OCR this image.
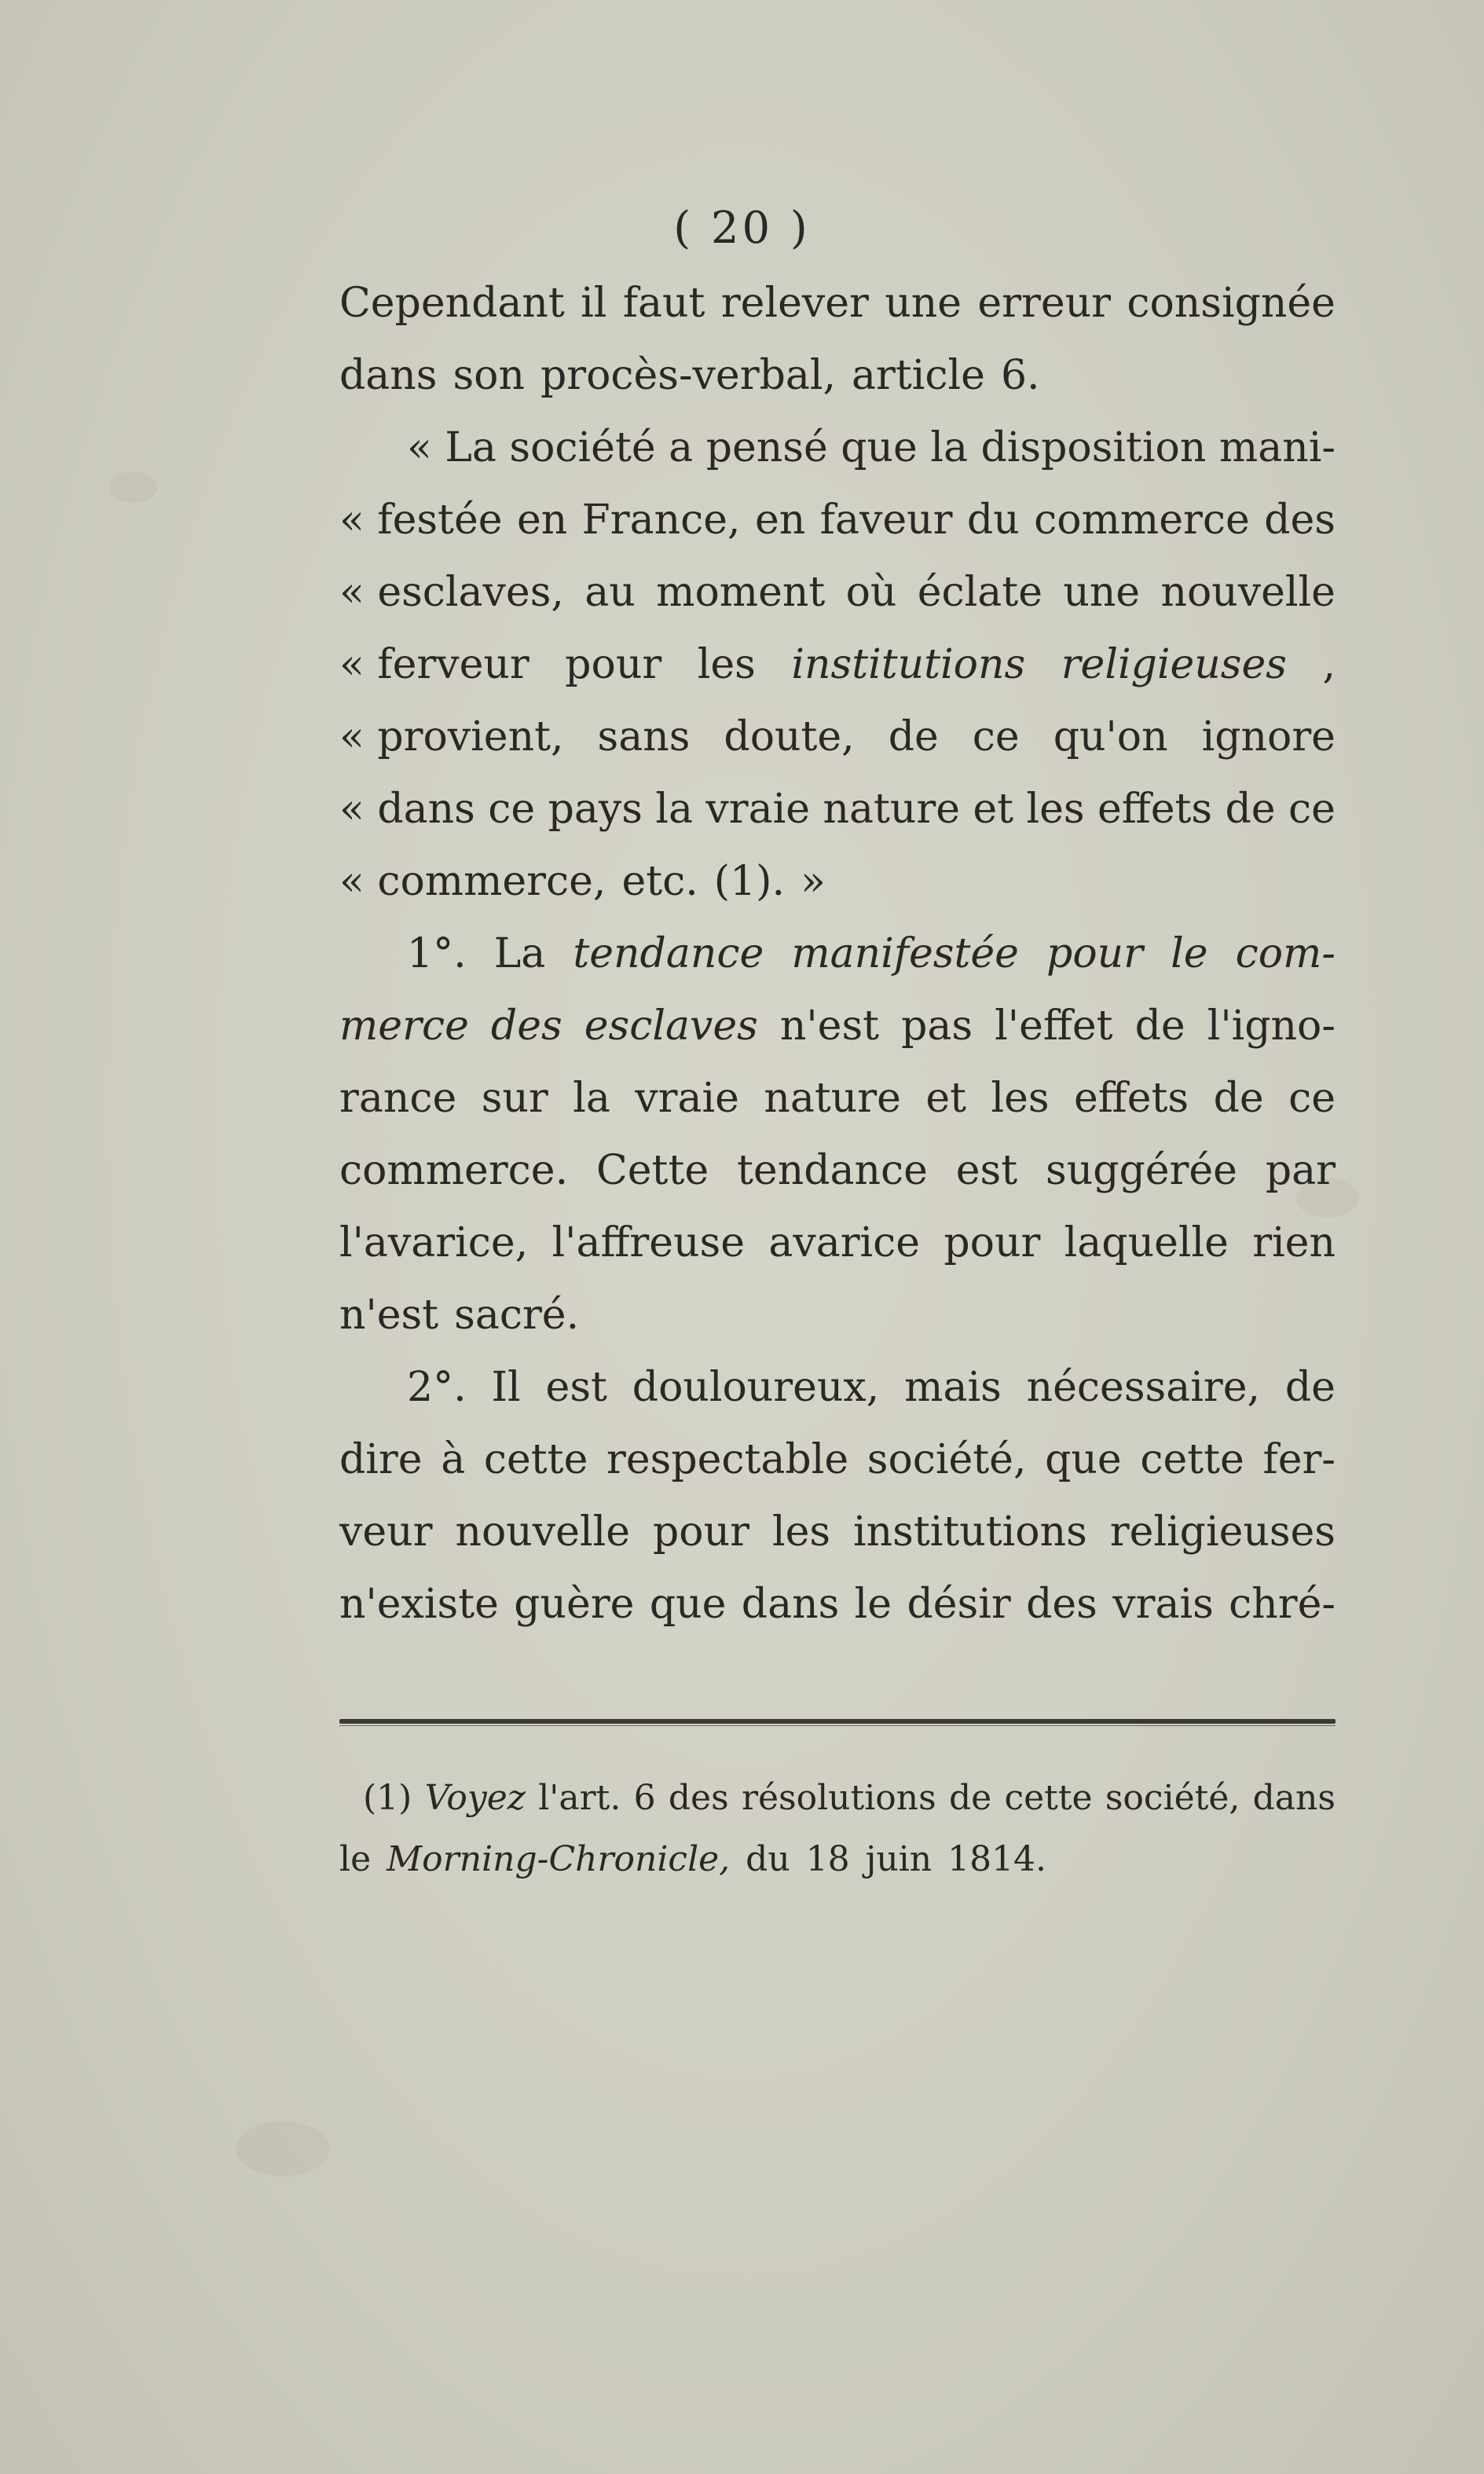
( 20 )
Cependant il faut relever une erreur consignée
dans son procès-verbal, article 6.
« La société a pensé que la disposition mani-
« festée en France, en faveur du commerce des
« esclaves, au moment où éclate une nouvelle
« ferveur pour les institutions religieuses ,
« provient, sans doute, de ce qu'on ignore
« dans ce pays la vraie nature et les effets de ce
« commerce, etc. (1). »
1°. La tendance manifestée pour le com-
merce des esclaves n'est pas l'effet de l'igno-
rance sur la vraie nature et les effets de ce
commerce. Cette tendance est suggérée par
l'avarice, l'affreuse avarice pour laquelle rien
n'est sacré.
2°. Il est douloureux, mais nécessaire, de
dire à cette respectable société, que cette fer-
veur nouvelle pour les institutions religieuses
n'existe guère que dans le désir des vrais chré-
(1) Voyez l'art. 6 des résolutions de cette société, dans
le Morning-Chronicle, du 18 juin 1814.
